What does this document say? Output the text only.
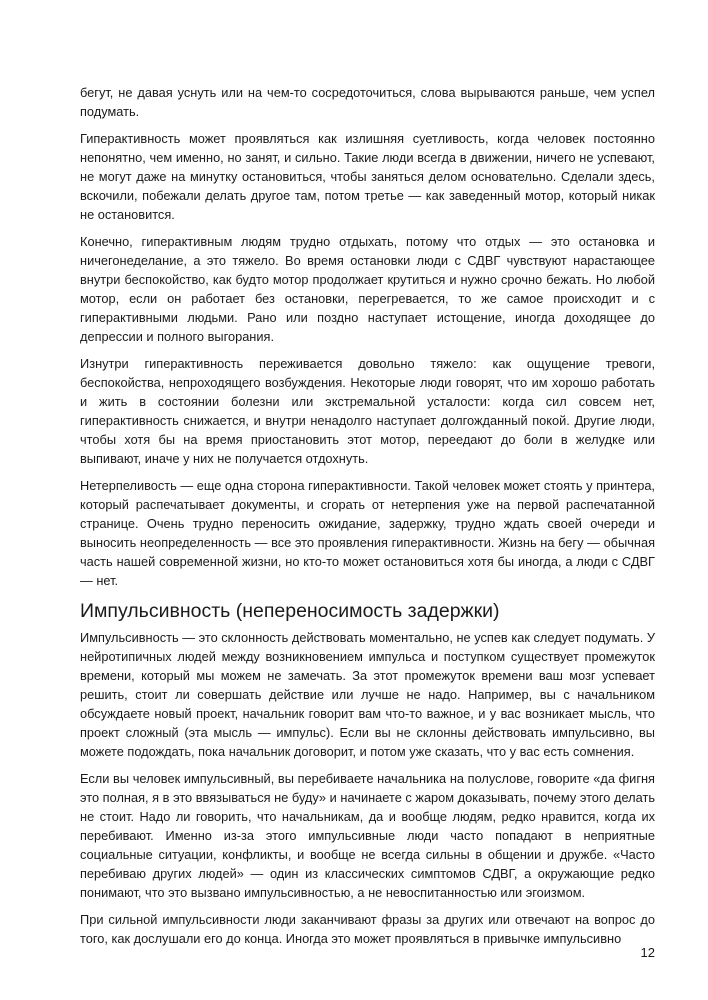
бегут, не давая уснуть или на чем-то сосредоточиться, слова вырываются раньше, чем успел подумать.

Гиперактивность может проявляться как излишняя суетливость, когда человек постоянно непонятно, чем именно, но занят, и сильно. Такие люди всегда в движении, ничего не успевают, не могут даже на минутку остановиться, чтобы заняться делом основательно. Сделали здесь, вскочили, побежали делать другое там, потом третье — как заведенный мотор, который никак не остановится.

Конечно, гиперактивным людям трудно отдыхать, потому что отдых — это остановка и ничегонеделание, а это тяжело. Во время остановки люди с СДВГ чувствуют нарастающее внутри беспокойство, как будто мотор продолжает крутиться и нужно срочно бежать. Но любой мотор, если он работает без остановки, перегревается, то же самое происходит и с гиперактивными людьми. Рано или поздно наступает истощение, иногда доходящее до депрессии и полного выгорания.

Изнутри гиперактивность переживается довольно тяжело: как ощущение тревоги, беспокойства, непроходящего возбуждения. Некоторые люди говорят, что им хорошо работать и жить в состоянии болезни или экстремальной усталости: когда сил совсем нет, гиперактивность снижается, и внутри ненадолго наступает долгожданный покой. Другие люди, чтобы хотя бы на время приостановить этот мотор, переедают до боли в желудке или выпивают, иначе у них не получается отдохнуть.

Нетерпеливость — еще одна сторона гиперактивности. Такой человек может стоять у принтера, который распечатывает документы, и сгорать от нетерпения уже на первой распечатанной странице. Очень трудно переносить ожидание, задержку, трудно ждать своей очереди и выносить неопределенность — все это проявления гиперактивности. Жизнь на бегу — обычная часть нашей современной жизни, но кто-то может остановиться хотя бы иногда, а люди с СДВГ — нет.

Импульсивность (непереносимость задержки)

Импульсивность — это склонность действовать моментально, не успев как следует подумать. У нейротипичных людей между возникновением импульса и поступком существует промежуток времени, который мы можем не замечать. За этот промежуток времени ваш мозг успевает решить, стоит ли совершать действие или лучше не надо. Например, вы с начальником обсуждаете новый проект, начальник говорит вам что-то важное, и у вас возникает мысль, что проект сложный (эта мысль — импульс). Если вы не склонны действовать импульсивно, вы можете подождать, пока начальник договорит, и потом уже сказать, что у вас есть сомнения.

Если вы человек импульсивный, вы перебиваете начальника на полуслове, говорите «да фигня это полная, я в это ввязываться не буду» и начинаете с жаром доказывать, почему этого делать не стоит. Надо ли говорить, что начальникам, да и вообще людям, редко нравится, когда их перебивают. Именно из-за этого импульсивные люди часто попадают в неприятные социальные ситуации, конфликты, и вообще не всегда сильны в общении и дружбе. «Часто перебиваю других людей» — один из классических симптомов СДВГ, а окружающие редко понимают, что это вызвано импульсивностью, а не невоспитанностью или эгоизмом.

При сильной импульсивности люди заканчивают фразы за других или отвечают на вопрос до того, как дослушали его до конца. Иногда это может проявляться в привычке импульсивно

12
